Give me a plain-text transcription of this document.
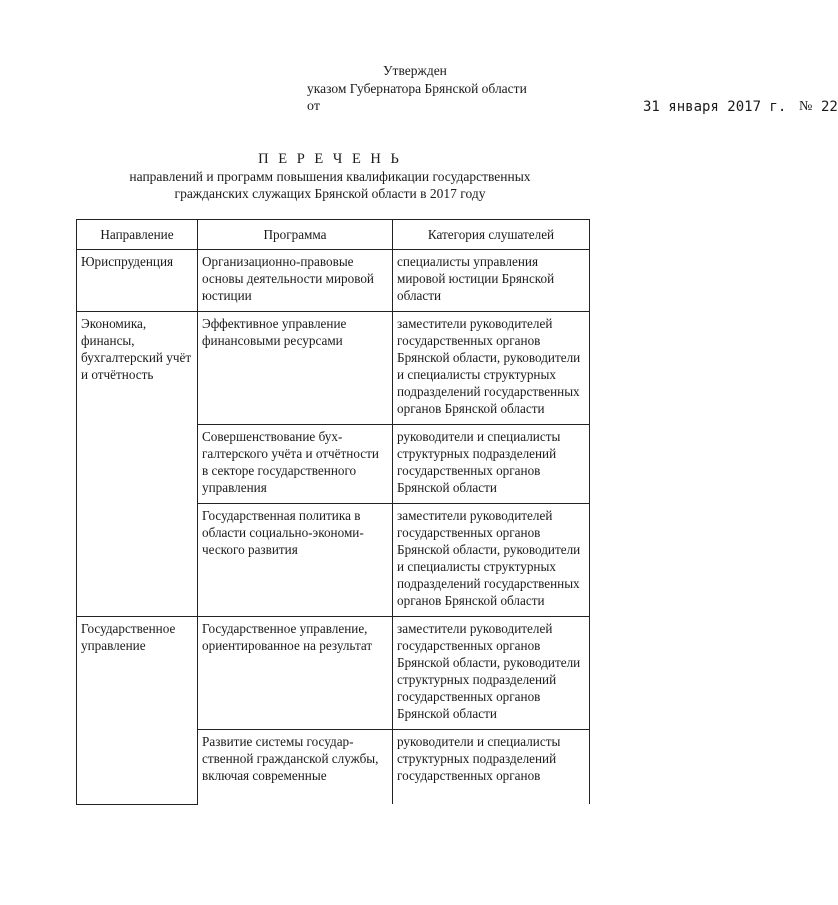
Утвержден
указом Губернатора Брянской области
от	31 января 2017 г. № 22
П Е Р Е Ч Е Н Ь
направлений и программ повышения квалификации государственных
гражданских служащих Брянской области в 2017 году
Направление	Программа	Категория слушателей
Юриспруденция	Организационно-правовые основы деятельности мировой юстиции	специалисты управления мировой юстиции Брянской области
Экономика, финансы, бухгалтерский учёт и отчётность	Эффективное управление финансовыми ресурсами	заместители руководителей государственных органов Брянской области, руководители и специалисты структурных подразделений государственных органов Брянской области
	Совершенствование бухгалтерского учёта и отчётности в секторе государственного управления	руководители и специалисты структурных подразделений государственных органов Брянской области
	Государственная политика в области социально-экономического развития	заместители руководителей государственных органов Брянской области, руководители и специалисты структурных подразделений государственных органов Брянской области
Государственное управление	Государственное управление, ориентированное на результат	заместители руководителей государственных органов Брянской области, руководители структурных подразделений государственных органов Брянской области
	Развитие системы государственной гражданской службы, включая современные	руководители и специалисты структурных подразделений государственных органов
